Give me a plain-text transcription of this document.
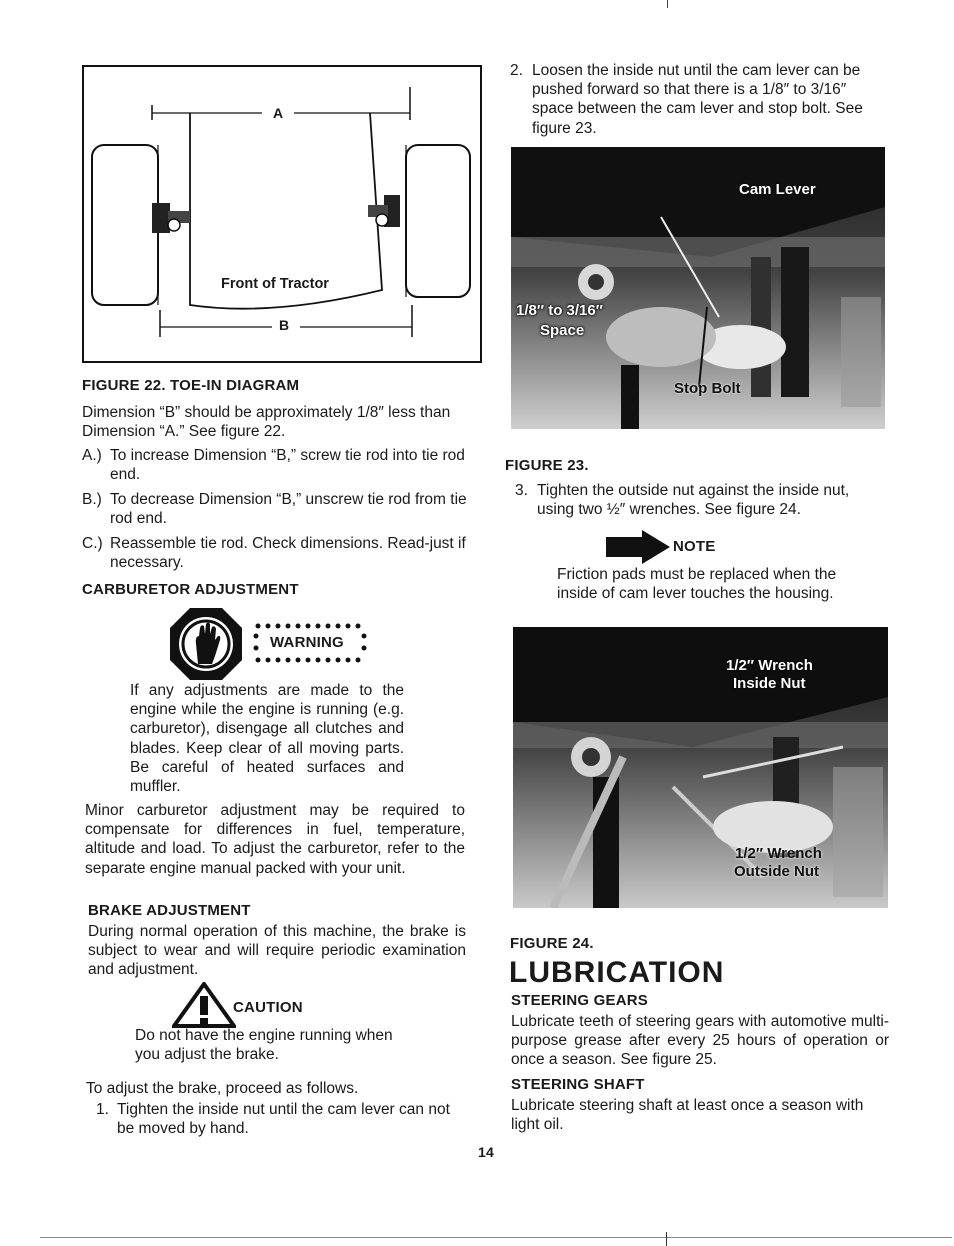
A
B
Front of Tractor
FIGURE 22. TOE-IN DIAGRAM
Dimension “B” should be approximately 1/8″ less than Dimension “A.” See figure 22.
A.) To increase Dimension “B,” screw tie rod into tie rod end.
B.) To decrease Dimension “B,” unscrew tie rod from tie rod end.
C.) Reassemble tie rod. Check dimensions. Read-just if necessary.
CARBURETOR ADJUSTMENT
WARNING
If any adjustments are made to the engine while the engine is running (e.g. carburetor), disengage all clutches and blades. Keep clear of all moving parts. Be careful of heated surfaces and muffler.
Minor carburetor adjustment may be required to compensate for differences in fuel, temperature, altitude and load. To adjust the carburetor, refer to the separate engine manual packed with your unit.
BRAKE ADJUSTMENT
During normal operation of this machine, the brake is subject to wear and will require periodic examination and adjustment.
CAUTION
Do not have the engine running when you adjust the brake.
To adjust the brake, proceed as follows.
1. Tighten the inside nut until the cam lever can not be moved by hand.
2. Loosen the inside nut until the cam lever can be pushed forward so that there is a 1/8″ to 3/16″ space between the cam lever and stop bolt. See figure 23.
Cam Lever
1/8″ to 3/16″
Space
Stop Bolt
FIGURE 23.
3. Tighten the outside nut against the inside nut, using two ½″ wrenches. See figure 24.
NOTE
Friction pads must be replaced when the inside of cam lever touches the housing.
1/2″ Wrench
Inside Nut
1/2″ Wrench
Outside Nut
FIGURE 24.
LUBRICATION
STEERING GEARS
Lubricate teeth of steering gears with automotive multi-purpose grease after every 25 hours of operation or once a season. See figure 25.
STEERING SHAFT
Lubricate steering shaft at least once a season with light oil.
14
